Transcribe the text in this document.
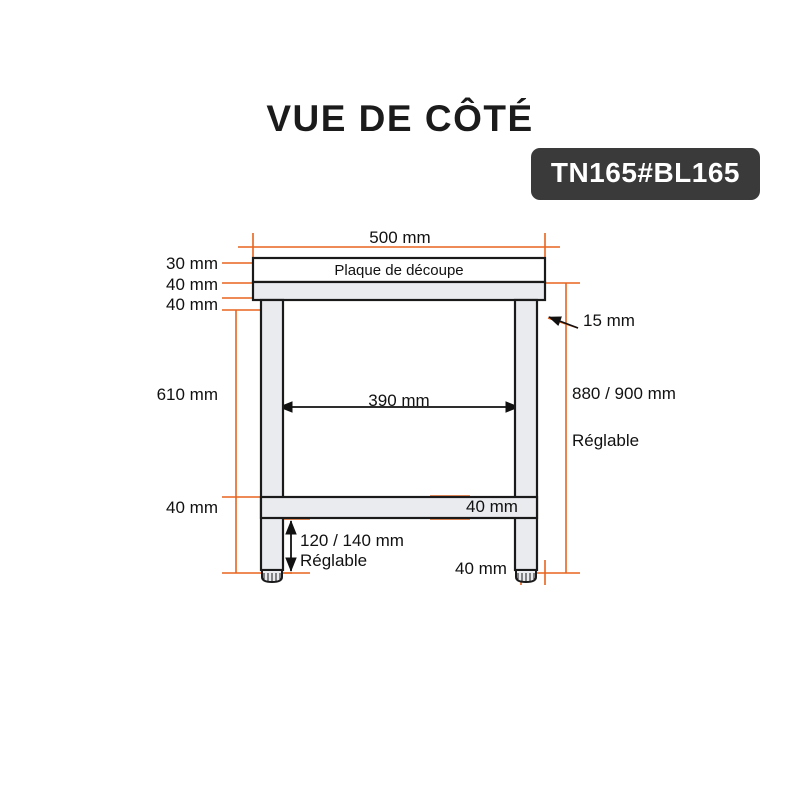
VUE DE CÔTÉ
TN165#BL165
500 mm
Plaque de découpe
30 mm
40 mm
40 mm
15 mm
610 mm	880 / 900 mm
Réglable
40 mm	40 mm
390 mm
120 / 140 mm
Réglable	40 mm
